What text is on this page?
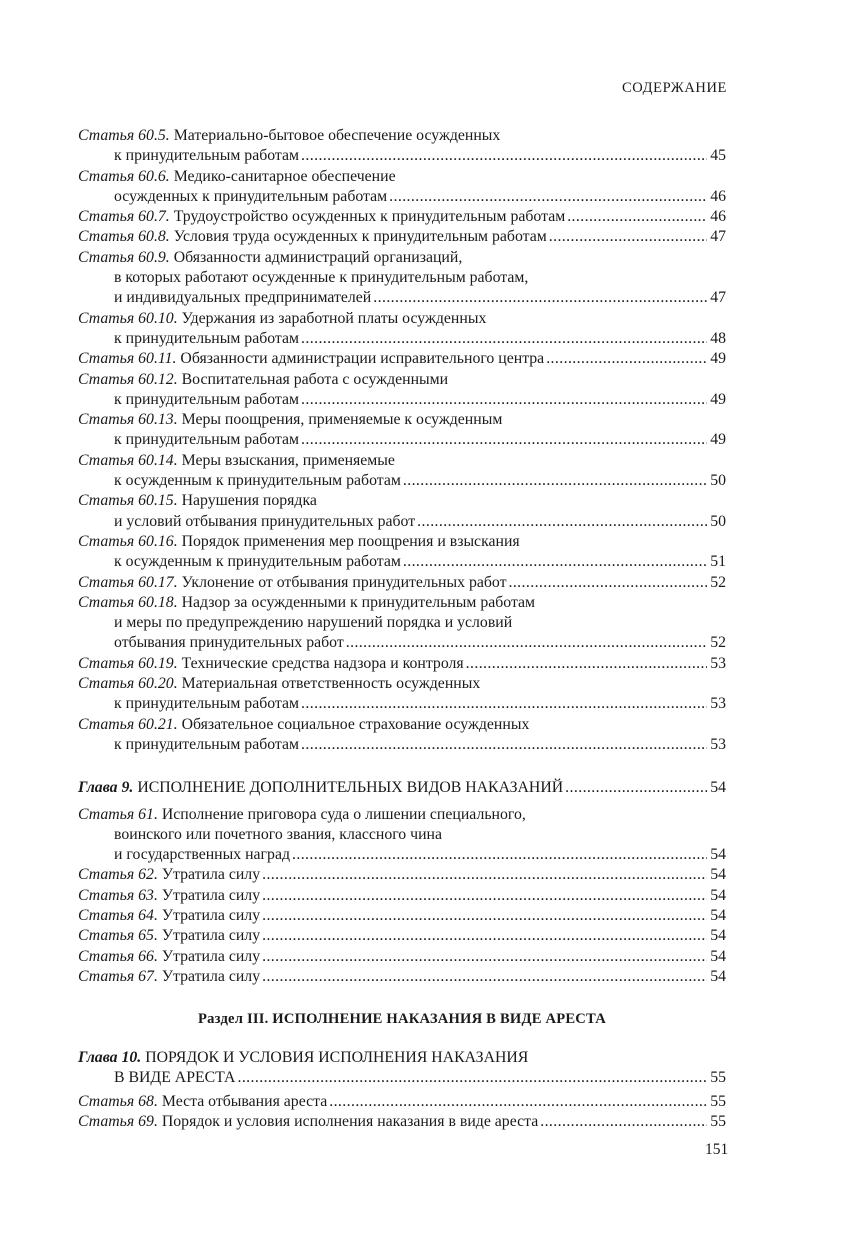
СОДЕРЖАНИЕ
Статья 60.5.
Материально-бытовое обеспечение осужденных
к принудительным работам .....	45
Статья 60.6.
Медико-санитарное обеспечение
осужденных к принудительным работам .....	46
Статья 60.7.
Трудоустройство осужденных к принудительным работам .....	46
Статья 60.8.
Условия труда осужденных к принудительным работам .....	47
Статья 60.9.
Обязанности администраций организаций,
в которых работают осужденные к принудительным работам,
и индивидуальных предпринимателей .....	47
Статья 60.10.
Удержания из заработной платы осужденных
к принудительным работам .....	48
Статья 60.11.
Обязанности администрации исправительного центра .....	49
Статья 60.12.
Воспитательная работа с осужденными
к принудительным работам .....	49
Статья 60.13.
Меры поощрения, применяемые к осужденным
к принудительным работам .....	49
Статья 60.14.
Меры взыскания, применяемые
к осужденным к принудительным работам .....	50
Статья 60.15.
Нарушения порядка
и условий отбывания принудительных работ .....	50
Статья 60.16.
Порядок применения мер поощрения и взыскания
к осужденным к принудительным работам .....	51
Статья 60.17.
Уклонение от отбывания принудительных работ .....	52
Статья 60.18.
Надзор за осужденными к принудительным работам
и меры по предупреждению нарушений порядка и условий
отбывания принудительных работ .....	52
Статья 60.19.
Технические средства надзора и контроля .....	53
Статья 60.20.
Материальная ответственность осужденных
к принудительным работам .....	53
Статья 60.21.
Обязательное социальное страхование осужденных
к принудительным работам .....	53
Глава 9.
ИСПОЛНЕНИЕ ДОПОЛНИТЕЛЬНЫХ ВИДОВ НАКАЗАНИЙ .....	54
Статья 61.
Исполнение приговора суда о лишении специального,
воинского или почетного звания, классного чина
и государственных наград .....	54
Статья 62.
Утратила силу .....	54
Статья 63.
Утратила силу .....	54
Статья 64.
Утратила силу .....	54
Статья 65.
Утратила силу .....	54
Статья 66.
Утратила силу .....	54
Статья 67.
Утратила силу .....	54
Раздел III. ИСПОЛНЕНИЕ НАКАЗАНИЯ В ВИДЕ АРЕСТА
Глава 10.
ПОРЯДОК И УСЛОВИЯ ИСПОЛНЕНИЯ НАКАЗАНИЯ
В ВИДЕ АРЕСТА .....	55
Статья 68.
Места отбывания ареста .....	55
Статья 69.
Порядок и условия исполнения наказания в виде ареста .....	55
151
